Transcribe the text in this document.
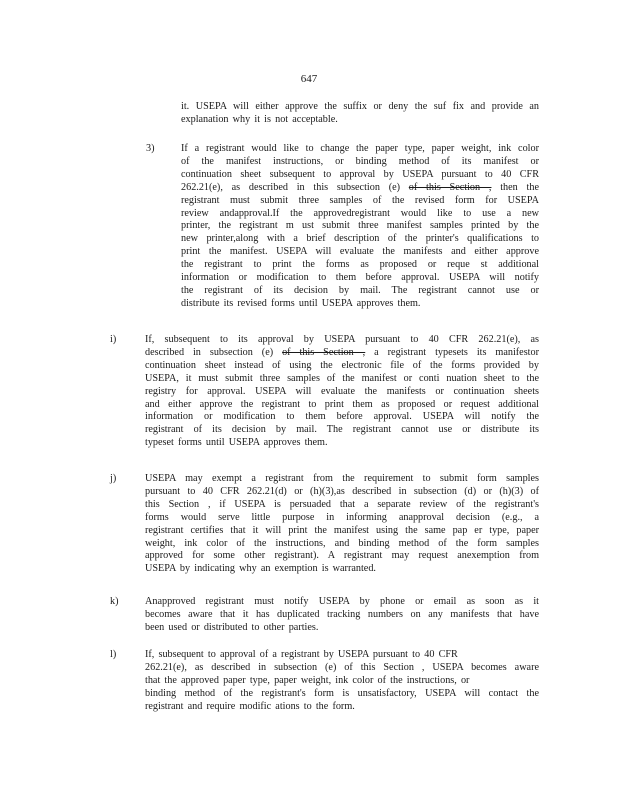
647
it. USEPA will either approve the suffix or deny the suf fix and provide an
explanation why it is not acceptable.
3)	If a registrant would like to change the paper type, paper weight, ink color
of the manifest instructions, or binding method of its manifest or
continuation sheet subsequent to approval by USEPA pursuant to 40 CFR
262.21(e), as described in this subsection (e) of this Section , then the
registrant must submit three samples of the revised form for USEPA
review andapproval.If the approvedregistrant would like to use a new
printer, the registrant m ust submit three manifest samples printed by the
new printer,along with a brief description of the printer's qualifications to
print the manifest. USEPA will evaluate the manifests and either approve
the registrant to print the forms as proposed or reque st additional
information or modification to them before approval. USEPA will notify
the registrant of its decision by mail. The registrant cannot use or
distribute its revised forms until USEPA approves them.
i)	If, subsequent to its approval by USEPA pursuant to 40 CFR 262.21(e), as
described in subsection (e) of this Section , a registrant typesets its manifestor
continuation sheet instead of using the electronic file of the forms provided by
USEPA, it must submit three samples of the manifest or conti nuation sheet to the
registry for approval. USEPA will evaluate the manifests or continuation sheets
and either approve the registrant to print them as proposed or request additional
information or modification to them before approval. USEPA will notify the
registrant of its decision by mail. The registrant cannot use or distribute its
typeset forms until USEPA approves them.
j)	USEPA may exempt a registrant from the requirement to submit form samples
pursuant to 40 CFR 262.21(d) or (h)(3),as described in subsection (d) or (h)(3) of
this Section , if USEPA is persuaded that a separate review of the registrant's
forms would serve little purpose in informing anapproval decision (e.g., a
registrant certifies that it will print the manifest using the same pap er type, paper
weight, ink color of the instructions, and binding method of the form samples
approved for some other registrant). A registrant may request anexemption from
USEPA by indicating why an exemption is warranted.
k)	Anapproved registrant must notify USEPA by phone or email as soon as it
becomes aware that it has duplicated tracking numbers on any manifests that have
been used or distributed to other parties.
l)	If, subsequent to approval of a registrant by USEPA pursuant to 40 CFR
262.21(e), as described in subsection (e) of this Section , USEPA becomes aware
that the approved paper type, paper weight, ink color of the instructions, or
binding method of the registrant's form is unsatisfactory, USEPA will contact the
registrant and require modific ations to the form.
